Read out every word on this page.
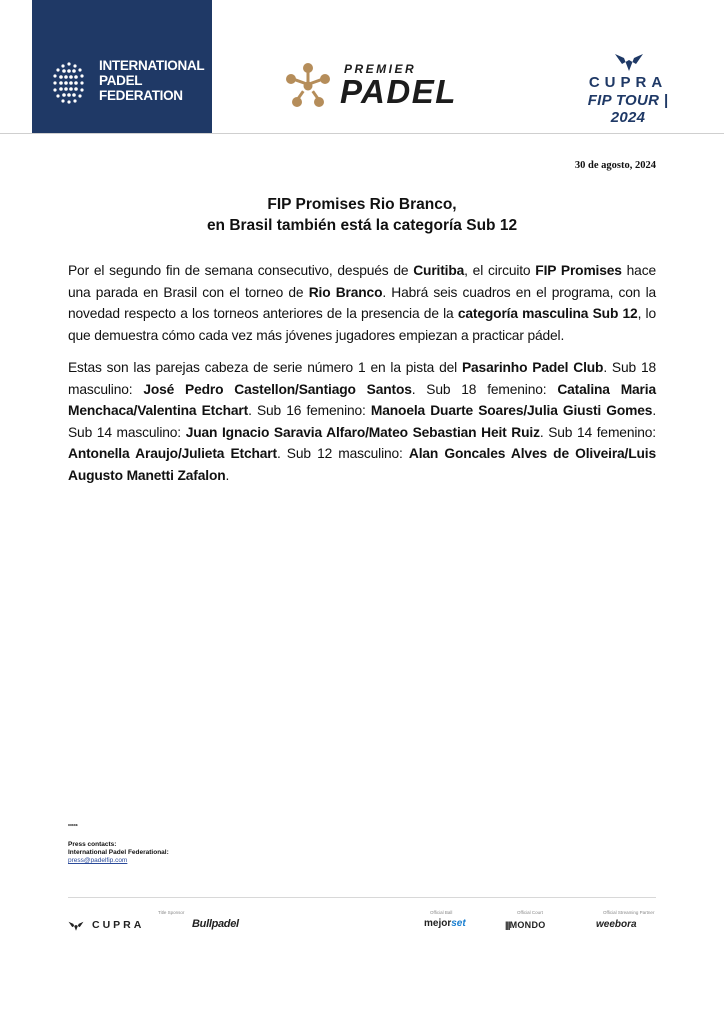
INTERNATIONAL
PADEL
FEDERATION
PREMIER
PADEL	CUPRA
FIP TOUR | 2024
30 de agosto, 2024
FIP Promises Rio Branco,
en Brasil también está la categoría Sub 12
Por el segundo fin de semana consecutivo, después de Curitiba, el circuito FIP Promises hace una parada en Brasil con el torneo de Rio Branco. Habrá seis cuadros en el programa, con la novedad respecto a los torneos anteriores de la presencia de la categoría masculina Sub 12, lo que demuestra cómo cada vez más jóvenes jugadores empiezan a practicar pádel.
Estas son las parejas cabeza de serie número 1 en la pista del Pasarinho Padel Club. Sub 18 masculino: José Pedro Castellon/Santiago Santos. Sub 18 femenino: Catalina Maria Menchaca/Valentina Etchart. Sub 16 femenino: Manoela Duarte Soares/Julia Giusti Gomes. Sub 14 masculino: Juan Ignacio Saravia Alfaro/Mateo Sebastian Heit Ruiz. Sub 14 femenino: Antonella Araujo/Julieta Etchart. Sub 12 masculino: Alan Goncales Alves de Oliveira/Luis Augusto Manetti Zafalon.
*****
Press contacts:
International Padel Federational:
press@padelfip.com
Title Sponsor	Official Ball	Official Court	Official Streaming Partner
CUPRA	Bullpadel	mejorset	|||MONDO	weebora
